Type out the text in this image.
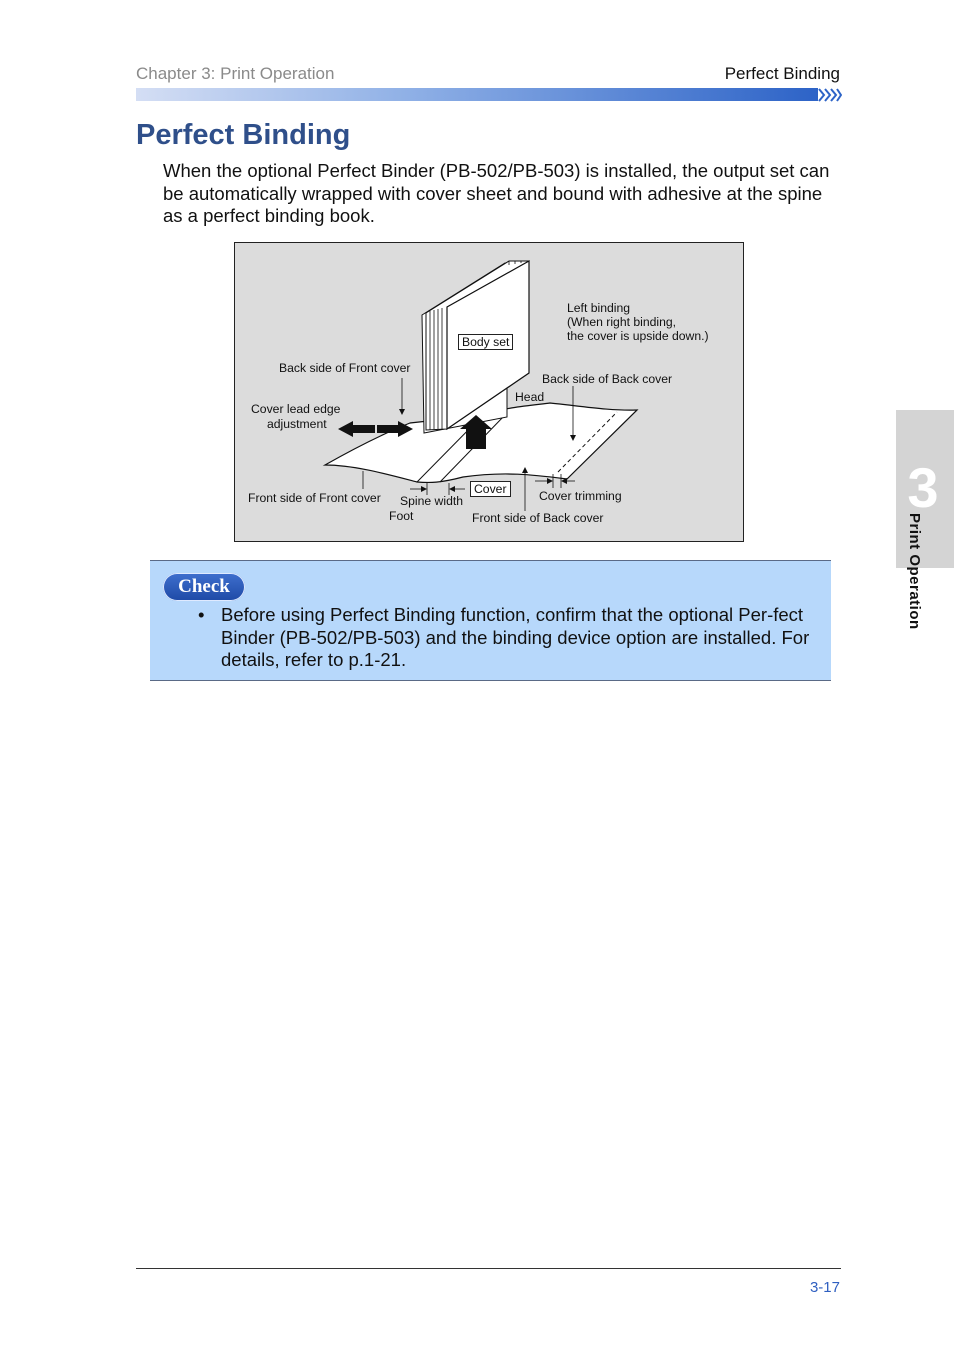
Chapter 3: Print Operation	Perfect Binding
Perfect Binding
When the optional Perfect Binder (PB-502/PB-503) is installed, the output set can be automatically wrapped with cover sheet and bound with adhesive at the spine as a perfect binding book.
Body set
Left binding
(When right binding,
the cover is upside down.)
Back side of Front cover
Back side of Back cover
Head
Cover lead edge
adjustment
Front side of Front cover Spine width
Cover	Cover trimming
Foot	Front side of Back cover
Check
• Before using Perfect Binding function, confirm that the optional Per-fect Binder (PB-502/PB-503) and the binding device option are installed. For details, refer to p.1-21.
3
Print Operation
3-17
